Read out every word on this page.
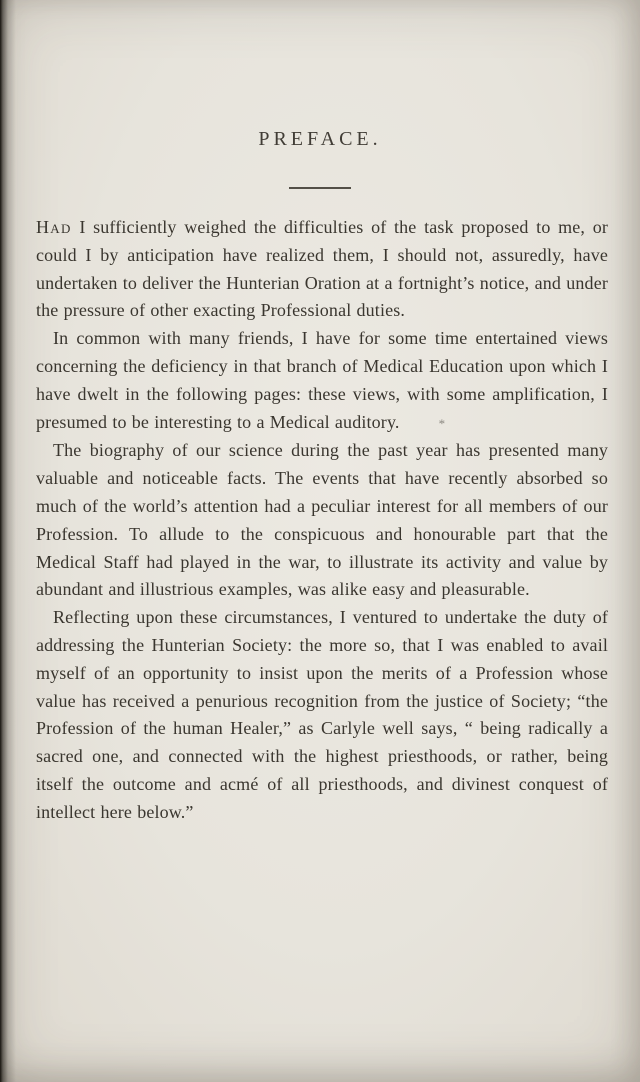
PREFACE.

Had I sufficiently weighed the difficulties of the task proposed to me, or could I by anticipation have realized them, I should not, assuredly, have undertaken to deliver the Hunterian Oration at a fortnight’s notice, and under the pressure of other exacting Professional duties.

In common with many friends, I have for some time entertained views concerning the deficiency in that branch of Medical Education upon which I have dwelt in the following pages: these views, with some amplification, I presumed to be interesting to a Medical auditory.	*

The biography of our science during the past year has presented many valuable and noticeable facts. The events that have recently absorbed so much of the world’s attention had a peculiar interest for all members of our Profession. To allude to the conspicuous and honourable part that the Medical Staff had played in the war, to illustrate its activity and value by abundant and illustrious examples, was alike easy and pleasurable.

Reflecting upon these circumstances, I ventured to undertake the duty of addressing the Hunterian Society: the more so, that I was enabled to avail myself of an opportunity to insist upon the merits of a Profession whose value has received a penurious recognition from the justice of Society; “the Profession of the human Healer,” as Carlyle well says, “ being radically a sacred one, and connected with the highest priesthoods, or rather, being itself the outcome and acmé of all priesthoods, and divinest conquest of intellect here below.”
